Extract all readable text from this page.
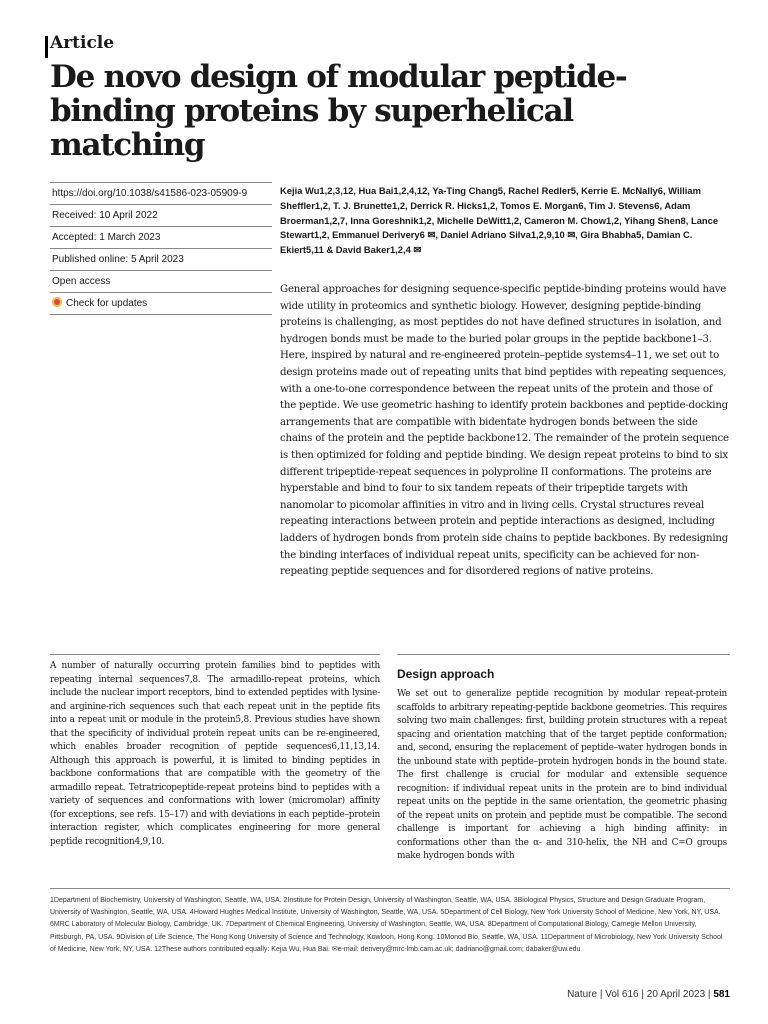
Article
De novo design of modular peptide-binding proteins by superhelical matching
https://doi.org/10.1038/s41586-023-05909-9
Received: 10 April 2022
Accepted: 1 March 2023
Published online: 5 April 2023
Open access
Check for updates

Kejia Wu1,2,3,12, Hua Bai1,2,4,12, Ya-Ting Chang5, Rachel Redler5, Kerrie E. McNally6, William Sheffler1,2, T. J. Brunette1,2, Derrick R. Hicks1,2, Tomos E. Morgan6, Tim J. Stevens6, Adam Broerman1,2,7, Inna Goreshnik1,2, Michelle DeWitt1,2, Cameron M. Chow1,2, Yihang Shen8, Lance Stewart1,2, Emmanuel Derivery6 ✉, Daniel Adriano Silva1,2,9,10 ✉, Gira Bhabha5, Damian C. Ekiert5,11 & David Baker1,2,4 ✉

General approaches for designing sequence-specific peptide-binding proteins would have wide utility in proteomics and synthetic biology. However, designing peptide-binding proteins is challenging, as most peptides do not have defined structures in isolation, and hydrogen bonds must be made to the buried polar groups in the peptide backbone1–3. Here, inspired by natural and re-engineered protein–peptide systems4–11, we set out to design proteins made out of repeating units that bind peptides with repeating sequences, with a one-to-one correspondence between the repeat units of the protein and those of the peptide. We use geometric hashing to identify protein backbones and peptide-docking arrangements that are compatible with bidentate hydrogen bonds between the side chains of the protein and the peptide backbone12. The remainder of the protein sequence is then optimized for folding and peptide binding. We design repeat proteins to bind to six different tripeptide-repeat sequences in polyproline II conformations. The proteins are hyperstable and bind to four to six tandem repeats of their tripeptide targets with nanomolar to picomolar affinities in vitro and in living cells. Crystal structures reveal repeating interactions between protein and peptide interactions as designed, including ladders of hydrogen bonds from protein side chains to peptide backbones. By redesigning the binding interfaces of individual repeat units, specificity can be achieved for non-repeating peptide sequences and for disordered regions of native proteins.

A number of naturally occurring protein families bind to peptides with repeating internal sequences7,8. The armadillo-repeat proteins, which include the nuclear import receptors, bind to extended peptides with lysine- and arginine-rich sequences such that each repeat unit in the peptide fits into a repeat unit or module in the protein5,8. Previous studies have shown that the specificity of individual protein repeat units can be re-engineered, which enables broader recognition of peptide sequences6,11,13,14. Although this approach is powerful, it is limited to binding peptides in backbone conformations that are compatible with the geometry of the armadillo repeat. Tetratricopeptide-repeat proteins bind to peptides with a variety of sequences and conformations with lower (micromolar) affinity (for exceptions, see refs. 15–17) and with deviations in each peptide–protein interaction register, which complicates engineering for more general peptide recognition4,9,10.

Design approach

We set out to generalize peptide recognition by modular repeat-protein scaffolds to arbitrary repeating-peptide backbone geometries. This requires solving two main challenges: first, building protein structures with a repeat spacing and orientation matching that of the target peptide conformation; and, second, ensuring the replacement of peptide–water hydrogen bonds in the unbound state with peptide–protein hydrogen bonds in the bound state. The first challenge is crucial for modular and extensible sequence recognition: if individual repeat units in the protein are to bind individual repeat units on the peptide in the same orientation, the geometric phasing of the repeat units on protein and peptide must be compatible. The second challenge is important for achieving a high binding affinity: in conformations other than the α- and 310-helix, the NH and C=O groups make hydrogen bonds with

1Department of Biochemistry, University of Washington, Seattle, WA, USA. 2Institute for Protein Design, University of Washington, Seattle, WA, USA. 3Biological Physics, Structure and Design Graduate Program, University of Washington, Seattle, WA, USA. 4Howard Hughes Medical Institute, University of Washington, Seattle, WA, USA. 5Department of Cell Biology, New York University School of Medicine, New York, NY, USA. 6MRC Laboratory of Molecular Biology, Cambridge, UK. 7Department of Chemical Engineering, University of Washington, Seattle, WA, USA. 8Department of Computational Biology, Carnegie Mellon University, Pittsburgh, PA, USA. 9Division of Life Science, The Hong Kong University of Science and Technology, Kowloon, Hong Kong. 10Monod Bio, Seattle, WA, USA. 11Department of Microbiology, New York University School of Medicine, New York, NY, USA. 12These authors contributed equally: Kejia Wu, Hua Bai. ✉e-mail: derivery@mrc-lmb.cam.ac.uk; dadriano@gmail.com; dabaker@uw.edu

Nature | Vol 616 | 20 April 2023 | 581
